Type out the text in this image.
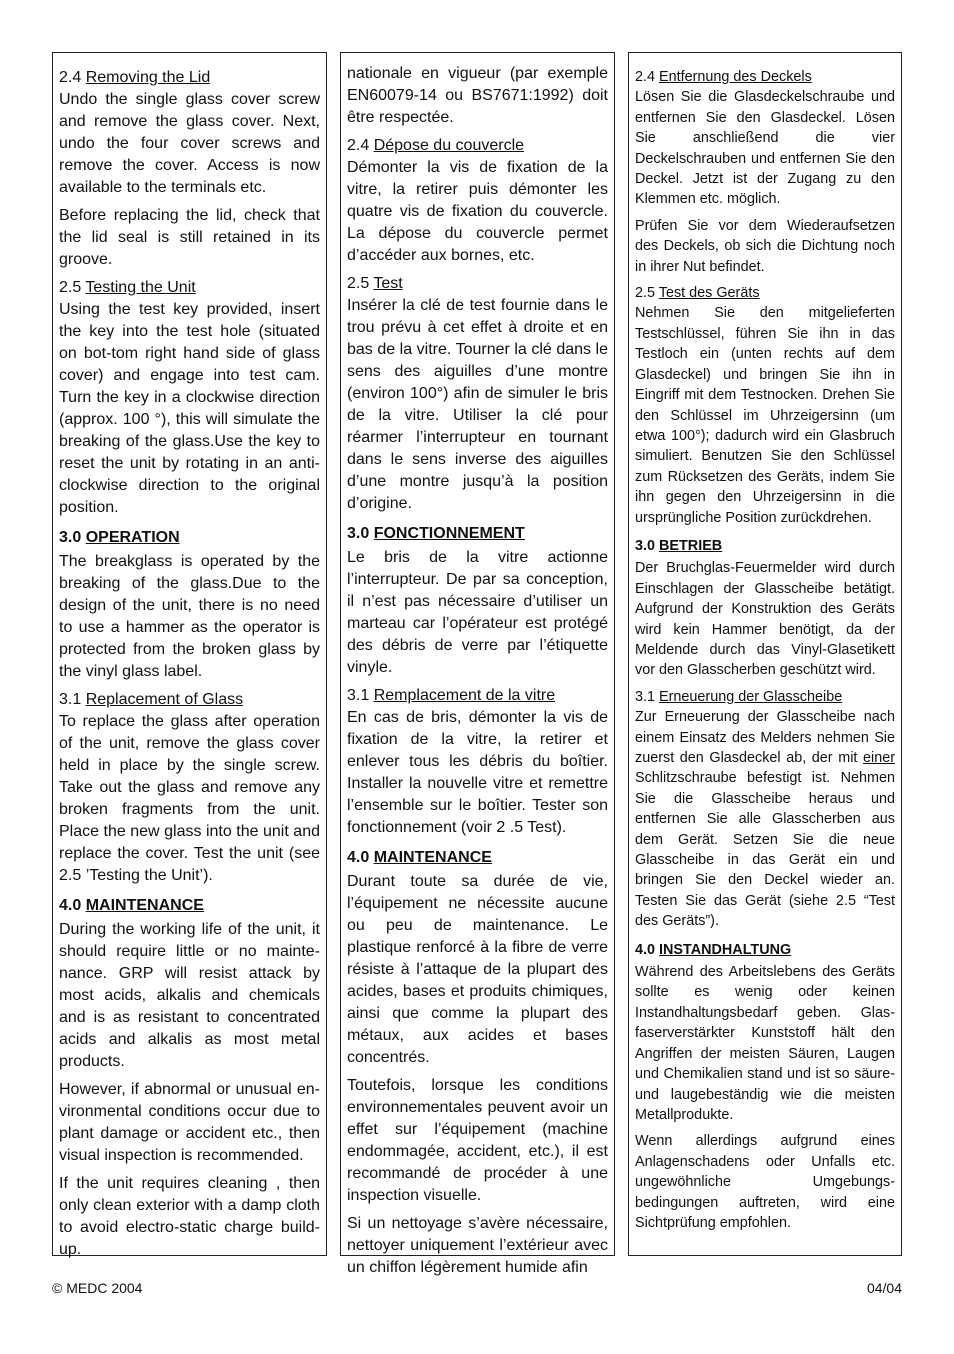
2.4 Removing the Lid

Undo the single glass cover screw and remove the glass cover. Next, undo the four cover screws and remove the cover. Access is now available to the terminals etc.

Before replacing the lid, check that the lid seal is still retained in its groove.

2.5 Testing the Unit

Using the test key provided, insert the key into the test hole (situated on bot-tom right hand side of glass cover) and engage into test cam. Turn the key in a clockwise direction (approx. 100 °), this will simulate the breaking of the glass.Use the key to reset the unit by rotating in an anti-clockwise direction to the original position.

3.0 OPERATION

The breakglass is operated by the breaking of the glass.Due to the design of the unit, there is no need to use a hammer as the operator is protected from the broken glass by the vinyl glass label.

3.1 Replacement of Glass

To replace the glass after operation of the unit, remove the glass cover held in place by the single screw. Take out the glass and remove any broken fragments from the unit. Place the new glass into the unit and replace the cover. Test the unit (see 2.5 ’Testing the Unit’).

4.0 MAINTENANCE

During the working life of the unit, it should require little or no mainte-nance. GRP will resist attack by most acids, alkalis and chemicals and is as resistant to concentrated acids and alkalis as most metal products.

However, if abnormal or unusual en-vironmental conditions occur due to plant damage or accident etc., then visual inspection is recommended.

If the unit requires cleaning , then only clean exterior with a damp cloth to avoid electro-static charge build-up.

nationale en vigueur (par exemple EN60079-14 ou BS7671:1992) doit être respectée.

2.4 Dépose du couvercle

Démonter la vis de fixation de la vitre, la retirer puis démonter les quatre vis de fixation du couvercle. La dépose du couvercle permet d’accéder aux bornes, etc.

2.5 Test

Insérer la clé de test fournie dans le trou prévu à cet effet à droite et en bas de la vitre. Tourner la clé dans le sens des aiguilles d’une montre (environ 100°) afin de simuler le bris de la vitre. Utiliser la clé pour réarmer l’interrupteur en tournant dans le sens inverse des aiguilles d’une montre jusqu’à la position d’origine.

3.0 FONCTIONNEMENT

Le bris de la vitre actionne l’interrupteur. De par sa conception, il n’est pas nécessaire d’utiliser un marteau car l’opérateur est protégé des débris de verre par l’étiquette vinyle.

3.1 Remplacement de la vitre

En cas de bris, démonter la vis de fixation de la vitre, la retirer et enlever tous les débris du boîtier. Installer la nouvelle vitre et remettre l’ensemble sur le boîtier. Tester son fonctionnement (voir 2 .5 Test).

4.0 MAINTENANCE

Durant toute sa durée de vie, l’équipement ne nécessite aucune ou peu de maintenance. Le plastique renforcé à la fibre de verre résiste à l’attaque de la plupart des acides, bases et produits chimiques, ainsi que comme la plupart des métaux, aux acides et bases concentrés.

Toutefois, lorsque les conditions environnementales peuvent avoir un effet sur l’équipement (machine endommagée, accident, etc.), il est recommandé de procéder à une inspection visuelle.

Si un nettoyage s’avère nécessaire, nettoyer uniquement l’extérieur avec un chiffon légèrement humide afin

2.4 Entfernung des Deckels

Lösen Sie die Glasdeckelschraube und entfernen Sie den Glasdeckel. Lösen Sie anschließend die vier Deckelschrauben und entfernen Sie den Deckel. Jetzt ist der Zugang zu den Klemmen etc. möglich.

Prüfen Sie vor dem Wiederaufsetzen des Deckels, ob sich die Dichtung noch in ihrer Nut befindet.

2.5 Test des Geräts

Nehmen Sie den mitgelieferten Testschlüssel, führen Sie ihn in das Testloch ein (unten rechts auf dem Glasdeckel) und bringen Sie ihn in Eingriff mit dem Testnocken. Drehen Sie den Schlüssel im Uhrzeigersinn (um etwa 100°); dadurch wird ein Glasbruch simuliert. Benutzen Sie den Schlüssel zum Rücksetzen des Geräts, indem Sie ihn gegen den Uhrzeigersinn in die ursprüngliche Position zurückdrehen.

3.0 BETRIEB

Der Bruchglas-Feuermelder wird durch Einschlagen der Glasscheibe betätigt. Aufgrund der Konstruktion des Geräts wird kein Hammer benötigt, da der Meldende durch das Vinyl-Glasetikett vor den Glasscherben geschützt wird.

3.1 Erneuerung der Glasscheibe

Zur Erneuerung der Glasscheibe nach einem Einsatz des Melders nehmen Sie zuerst den Glasdeckel ab, der mit einer Schlitzschraube befestigt ist. Nehmen Sie die Glasscheibe heraus und entfernen Sie alle Glasscherben aus dem Gerät. Setzen Sie die neue Glasscheibe in das Gerät ein und bringen Sie den Deckel wieder an. Testen Sie das Gerät (siehe 2.5 “Test des Geräts”).

4.0 INSTANDHALTUNG

Während des Arbeitslebens des Geräts sollte es wenig oder keinen Instandhaltungsbedarf geben. Glas-faserverstärkter Kunststoff hält den Angriffen der meisten Säuren, Laugen und Chemikalien stand und ist so säure- und laugebeständig wie die meisten Metallprodukte.

Wenn allerdings aufgrund eines Anlagenschadens oder Unfalls etc. ungewöhnliche Umgebungs-bedingungen auftreten, wird eine Sichtprüfung empfohlen.

© MEDC 2004	04/04
